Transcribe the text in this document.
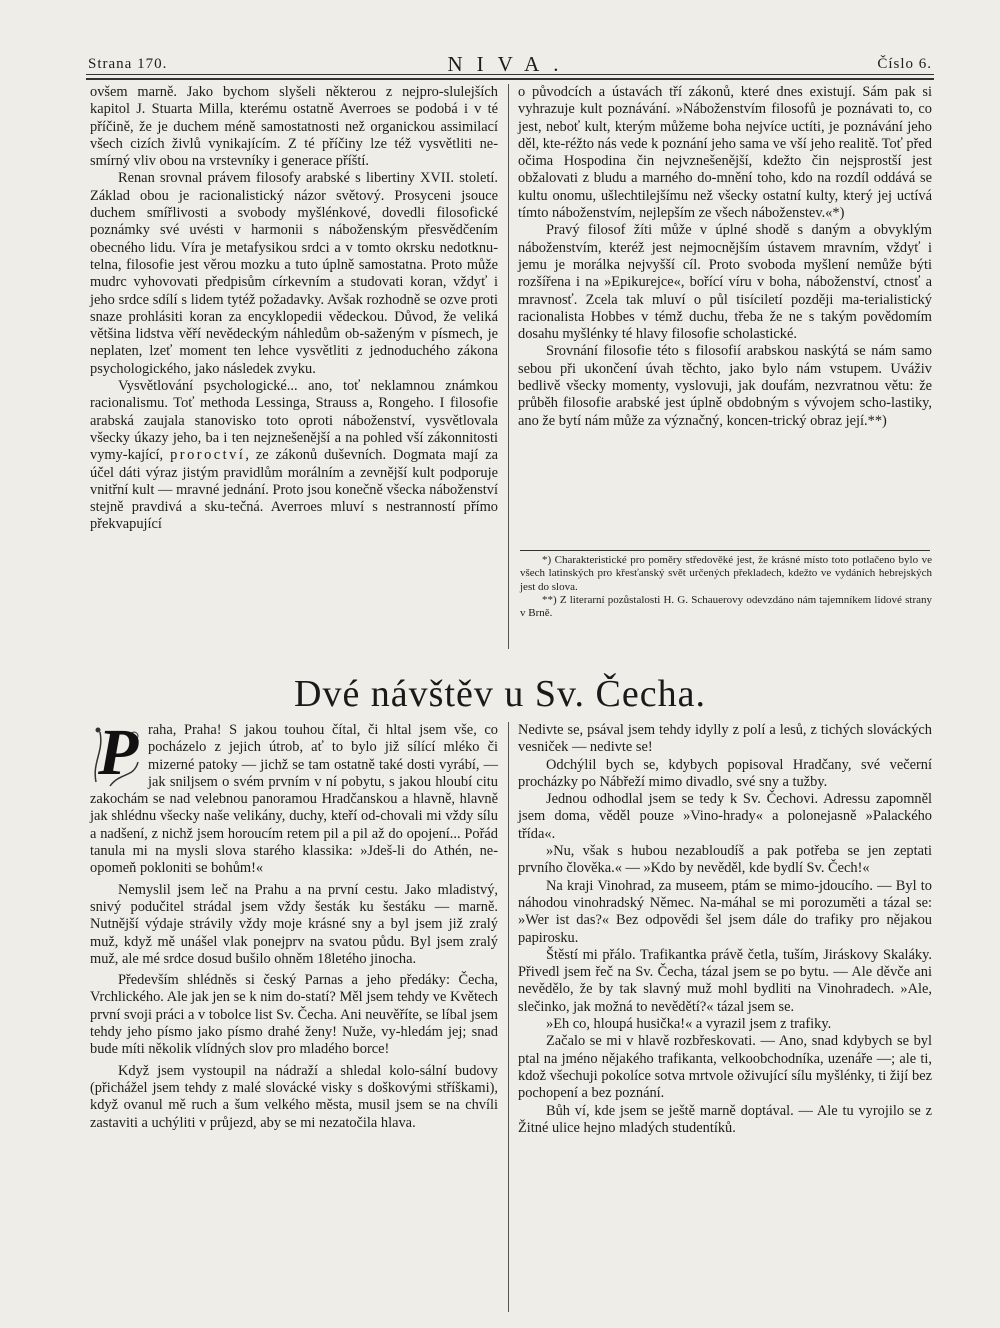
Strana 170.	NIVA.	Číslo 6.

ovšem marně. Jako bychom slyšeli některou z nejpro-slulejších kapitol J. Stuarta Milla, kterému ostatně Averroes se podobá i v té příčině, že je duchem méně samostatnosti než organickou assimilací všech cizích živlů vynikajícím. Z té příčiny lze též vysvětliti ne-smírný vliv obou na vrstevníky i generace příští.

Renan srovnal právem filosofy arabské s libertiny XVII. století. Základ obou je racionalistický názor světový. Prosyceni jsouce duchem smířlivosti a svobody myšlénkové, dovedli filosofické poznámky své uvésti v harmonii s náboženským přesvědčením obecného lidu. Víra je metafysikou srdci a v tomto okrsku nedotknu-telna, filosofie jest věrou mozku a tuto úplně samostatna. Proto může mudrc vyhovovati předpisům církevním a studovati koran, vždyť i jeho srdce sdílí s lidem tytéž požadavky. Avšak rozhodně se ozve proti snaze prohlásiti koran za encyklopedii vědeckou. Důvod, že veliká většina lidstva věří nevědeckým náhledům ob-saženým v písmech, je neplaten, lzeť moment ten lehce vysvětliti z jednoduchého zákona psychologického, jako následek zvyku.

Vysvětlování psychologické... ano, toť neklamnou známkou racionalismu. Toť methoda Lessinga, Strauss a, Rongeho. I filosofie arabská zaujala stanovisko toto oproti náboženství, vysvětlovala všecky úkazy jeho, ba i ten nejznešenější a na pohled vší zákonnitosti vymy-kající, proroctví, ze zákonů duševních. Dogmata mají za účel dáti výraz jistým pravidlům morálním a zevnější kult podporuje vnitřní kult — mravné jednání. Proto jsou konečně všecka náboženství stejně pravdivá a sku-tečná. Averroes mluví s nestranností přímo překvapující

o původcích a ústavách tří zákonů, které dnes existují. Sám pak si vyhrazuje kult poznávání. »Náboženstvím filosofů je poznávati to, co jest, neboť kult, kterým můžeme boha nejvíce uctíti, je poznávání jeho děl, kte-réžto nás vede k poznání jeho sama ve vší jeho realitě. Toť před očima Hospodina čin nejvznešenější, kdežto čin nejsprostší jest obžalovati z bludu a marného do-mnění toho, kdo na rozdíl oddává se kultu onomu, ušlechtilejšímu než všecky ostatní kulty, který jej uctívá tímto náboženstvím, nejlepším ze všech náboženstev.«*)

Pravý filosof žíti může v úplné shodě s daným a obvyklým náboženstvím, kteréž jest nejmocnějším ústavem mravním, vždyť i jemu je morálka nejvyšší cíl. Proto svoboda myšlení nemůže býti rozšířena i na »Epikurejce«, bořící víru v boha, náboženství, ctnosť a mravnosť. Zcela tak mluví o půl tisíciletí později ma-terialistický racionalista Hobbes v témž duchu, třeba že ne s takým povědomím dosahu myšlénky té hlavy filosofie scholastické.

Srovnání filosofie této s filosofií arabskou naskýtá se nám samo sebou při ukončení úvah těchto, jako bylo nám vstupem. Uváživ bedlivě všecky momenty, vyslovuji, jak doufám, nezvratnou větu: že průběh filosofie arabské jest úplně obdobným s vývojem scho-lastiky, ano že bytí nám může za význačný, koncen-trický obraz její.**)

*) Charakteristické pro poměry středověké jest, že krásné místo toto potlačeno bylo ve všech latinských pro křesťanský svět určených překladech, kdežto ve vydáních hebrejských jest do slova.

**) Z literarní pozůstalosti H. G. Schauerovy odevzdáno nám tajemníkem lidové strany v Brně.

Dvé návštěv u Sv. Čecha.

P raha, Praha! S jakou touhou čítal, či hltal jsem vše, co pocházelo z jejich útrob, ať to bylo již sílící mléko či mizerné patoky — jichž se tam ostatně také dosti vyrábí, — jak sniljsem o svém prvním v ní pobytu, s jakou hloubí citu zakochám se nad velebnou panoramou Hradčanskou a hlavně, hlavně jak shlédnu všecky naše velikány, duchy, kteří od-chovali mi vždy sílu a nadšení, z nichž jsem horoucím retem pil a pil až do opojení... Pořád tanula mi na mysli slova starého klassika: »Jdeš-li do Athén, ne-opomeň pokloniti se bohům!«

Nemyslil jsem leč na Prahu a na první cestu. Jako mladistvý, snivý podučitel strádal jsem vždy šesták ku šestáku — marně. Nutnější výdaje strávily vždy moje krásné sny a byl jsem již zralý muž, když mě unášel vlak ponejprv na svatou půdu. Byl jsem zralý muž, ale mé srdce dosud bušilo ohněm 18letého jinocha.

Především shlédněs si český Parnas a jeho předáky: Čecha, Vrchlického. Ale jak jen se k nim do-statí? Měl jsem tehdy ve Květech první svoji práci a v tobolce list Sv. Čecha. Ani neuvěříte, se líbal jsem tehdy jeho písmo jako písmo drahé ženy! Nuže, vy-hledám jej; snad bude míti několik vlídných slov pro mladého borce!

Když jsem vystoupil na nádraží a shledal kolo-sální budovy (přichážel jsem tehdy z malé slovácké visky s doškovými stříškami), když ovanul mě ruch a šum velkého města, musil jsem se na chvíli zastaviti a uchýliti v průjezd, aby se mi nezatočila hlava.

Nedivte se, psával jsem tehdy idylly z polí a lesů, z tichých slováckých vesniček — nedivte se!

Odchýlil bych se, kdybych popisoval Hradčany, své večerní procházky po Nábřeží mimo divadlo, své sny a tužby.

Jednou odhodlal jsem se tedy k Sv. Čechovi. Adressu zapomněl jsem doma, věděl pouze »Vino-hrady« a polonejasně »Palackého třída«.

»Nu, však s hubou nezabloudíš a pak potřeba se jen zeptati prvního člověka.« — »Kdo by nevěděl, kde bydlí Sv. Čech!«

Na kraji Vinohrad, za museem, ptám se mimo-jdoucího. — Byl to náhodou vinohradský Němec. Na-máhal se mi porozuměti a tázal se: »Wer ist das?« Bez odpovědi šel jsem dále do trafiky pro nějakou papirosku.

Štěstí mi přálo. Trafikantka právě četla, tuším, Jiráskovy Skaláky. Přivedl jsem řeč na Sv. Čecha, tázal jsem se po bytu. — Ale děvče ani nevědělo, že by tak slavný muž mohl bydliti na Vinohradech. »Ale, slečinko, jak možná to nevědětí?« tázal jsem se.

»Eh co, hloupá husička!« a vyrazil jsem z trafiky.

Začalo se mi v hlavě rozbřeskovati. — Ano, snad kdybych se byl ptal na jméno nějakého trafikanta, velkoobchodníka, uzenáře —; ale ti, kdož všechuji pokolíce sotva mrtvole oživující sílu myšlénky, ti žijí bez pochopení a bez poznání.

Bůh ví, kde jsem se ještě marně doptával. — Ale tu vyrojilo se z Žitné ulice hejno mladých studentíků.
